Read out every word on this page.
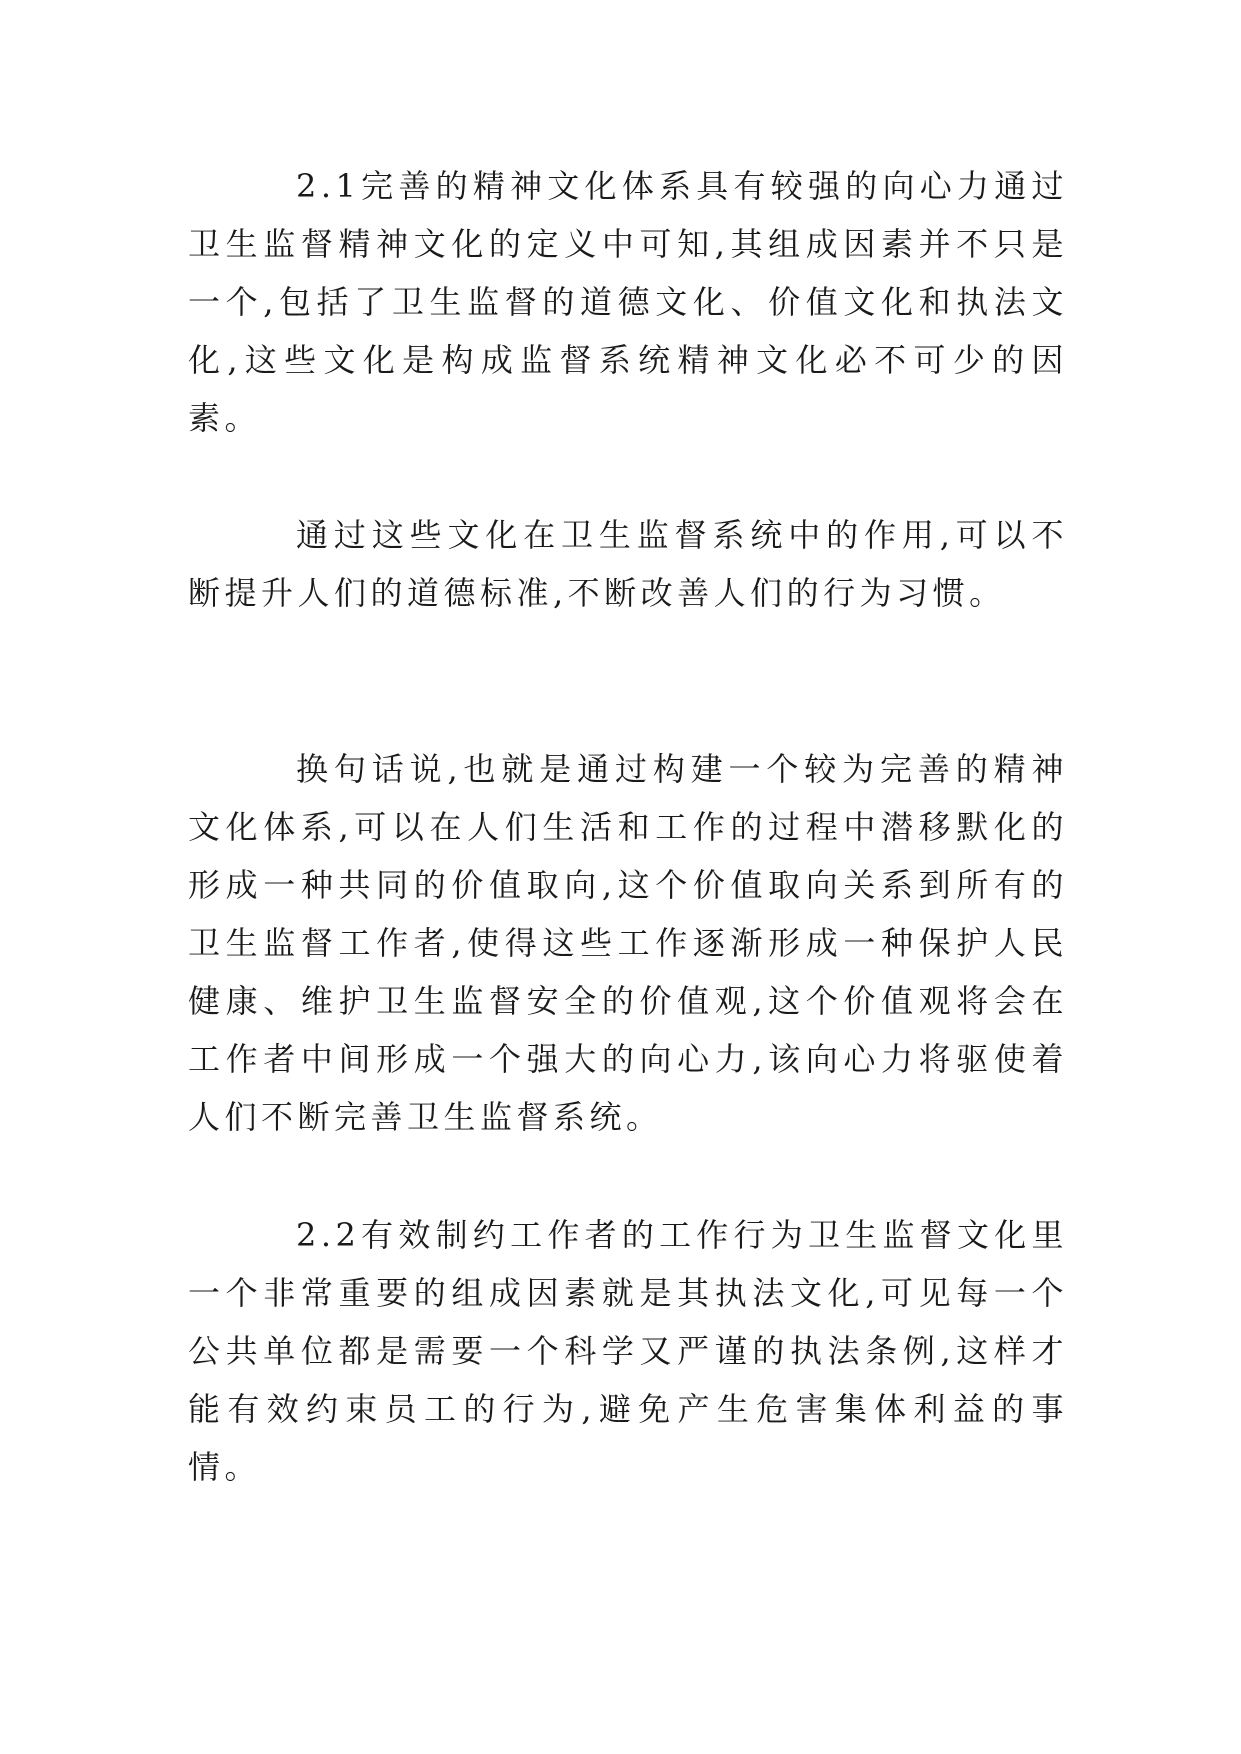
2.1完善的精神文化体系具有较强的向心力通过卫生监督精神文化的定义中可知,其组成因素并不只是一个,包括了卫生监督的道德文化、价值文化和执法文化,这些文化是构成监督系统精神文化必不可少的因素。

通过这些文化在卫生监督系统中的作用,可以不断提升人们的道德标准,不断改善人们的行为习惯。

换句话说,也就是通过构建一个较为完善的精神文化体系,可以在人们生活和工作的过程中潜移默化的形成一种共同的价值取向,这个价值取向关系到所有的卫生监督工作者,使得这些工作逐渐形成一种保护人民健康、维护卫生监督安全的价值观,这个价值观将会在工作者中间形成一个强大的向心力,该向心力将驱使着人们不断完善卫生监督系统。

2.2有效制约工作者的工作行为卫生监督文化里一个非常重要的组成因素就是其执法文化,可见每一个公共单位都是需要一个科学又严谨的执法条例,这样才能有效约束员工的行为,避免产生危害集体利益的事情。
